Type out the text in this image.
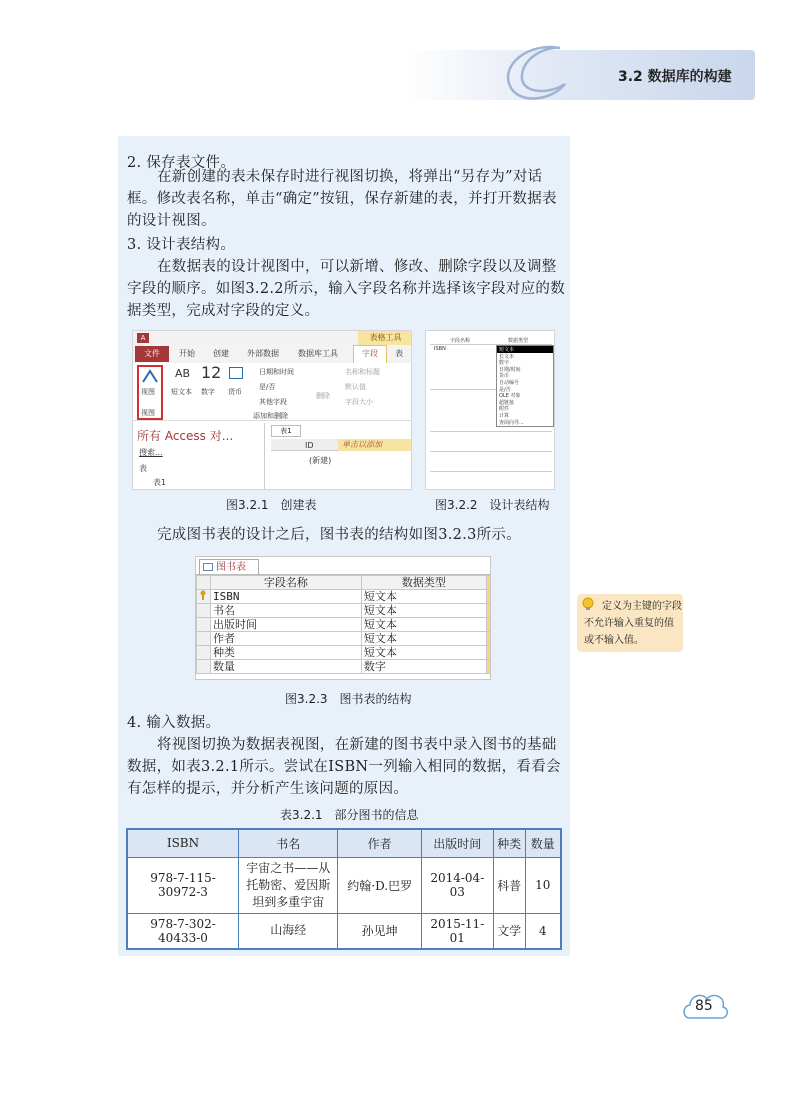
3.2 数据库的构建
2. 保存表文件。
在新创建的表未保存时进行视图切换，将弹出“另存为”对话框。修改表名称，单击“确定”按钮，保存新建的表，并打开数据表的设计视图。
3. 设计表结构。
在数据表的设计视图中，可以新增、修改、删除字段以及调整字段的顺序。如图3.2.2所示，输入字段名称并选择该字段对应的数据类型，完成对字段的定义。
A	表格工具
文件	开始 创建 外部数据 数据库工具	字段	表
视图
视图
AB
短文本
12
数字 货币
日期和时间
是/否
其他字段
删除
名称和标题
默认值
字段大小
添加和删除
所有 Access 对...
搜索...
表
表1
表1
ID	单击以添加
(新建)
图3.2.1　创建表
字段名称	数据类型
ISBN	短文本
长文本
数字
日期/时间
货币
自动编号
是/否
OLE 对象
超链接
附件
计算
查阅向导...
图3.2.2　设计表结构
完成图书表的设计之后，图书表的结构如图3.2.3所示。
图书表
	字段名称	数据类型	
	ISBN	短文本	
	书名	短文本	
	出版时间	短文本	
	作者	短文本	
	种类	短文本	
	数量	数字	
图3.2.3　图书表的结构
定义为主键的字段不允许输入重复的值或不输入值。
4. 输入数据。
将视图切换为数据表视图，在新建的图书表中录入图书的基础数据，如表3.2.1所示。尝试在ISBN一列输入相同的数据，看看会有怎样的提示，并分析产生该问题的原因。
表3.2.1　部分图书的信息
ISBN	书名	作者	出版时间	种类	数量
978-7-115-30972-3	宇宙之书——从托勒密、爱因斯坦到多重宇宙	约翰·D.巴罗	2014-04-03	科普	10
978-7-302-40433-0	山海经	孙见坤	2015-11-01	文学	4
85
